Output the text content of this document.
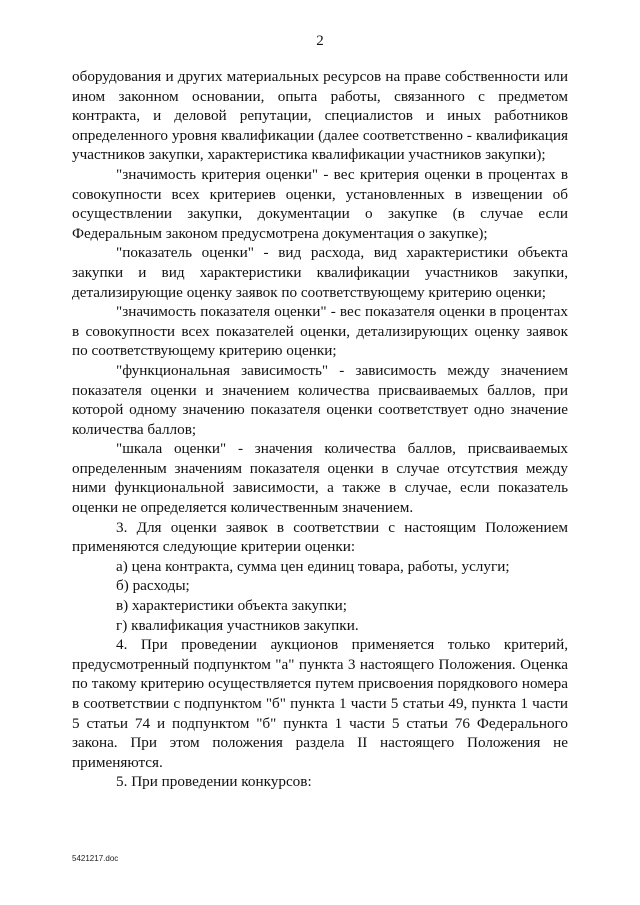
2

оборудования и других материальных ресурсов на праве собственности или ином законном основании, опыта работы, связанного с предметом контракта, и деловой репутации, специалистов и иных работников определенного уровня квалификации (далее соответственно - квалификация участников закупки, характеристика квалификации участников закупки);

"значимость критерия оценки" - вес критерия оценки в процентах в совокупности всех критериев оценки, установленных в извещении об осуществлении закупки, документации о закупке (в случае если Федеральным законом предусмотрена документация о закупке);

"показатель оценки" - вид расхода, вид характеристики объекта закупки и вид характеристики квалификации участников закупки, детализирующие оценку заявок по соответствующему критерию оценки;

"значимость показателя оценки" - вес показателя оценки в процентах в совокупности всех показателей оценки, детализирующих оценку заявок по соответствующему критерию оценки;

"функциональная зависимость" - зависимость между значением показателя оценки и значением количества присваиваемых баллов, при которой одному значению показателя оценки соответствует одно значение количества баллов;

"шкала оценки" - значения количества баллов, присваиваемых определенным значениям показателя оценки в случае отсутствия между ними функциональной зависимости, а также в случае, если показатель оценки не определяется количественным значением.

3. Для оценки заявок в соответствии с настоящим Положением применяются следующие критерии оценки:

а) цена контракта, сумма цен единиц товара, работы, услуги;

б) расходы;

в) характеристики объекта закупки;

г) квалификация участников закупки.

4. При проведении аукционов применяется только критерий, предусмотренный подпунктом "а" пункта 3 настоящего Положения. Оценка по такому критерию осуществляется путем присвоения порядкового номера в соответствии с подпунктом "б" пункта 1 части 5 статьи 49, пункта 1 части 5 статьи 74 и подпунктом "б" пункта 1 части 5 статьи 76 Федерального закона. При этом положения раздела II настоящего Положения не применяются.

5. При проведении конкурсов:

5421217.doc
